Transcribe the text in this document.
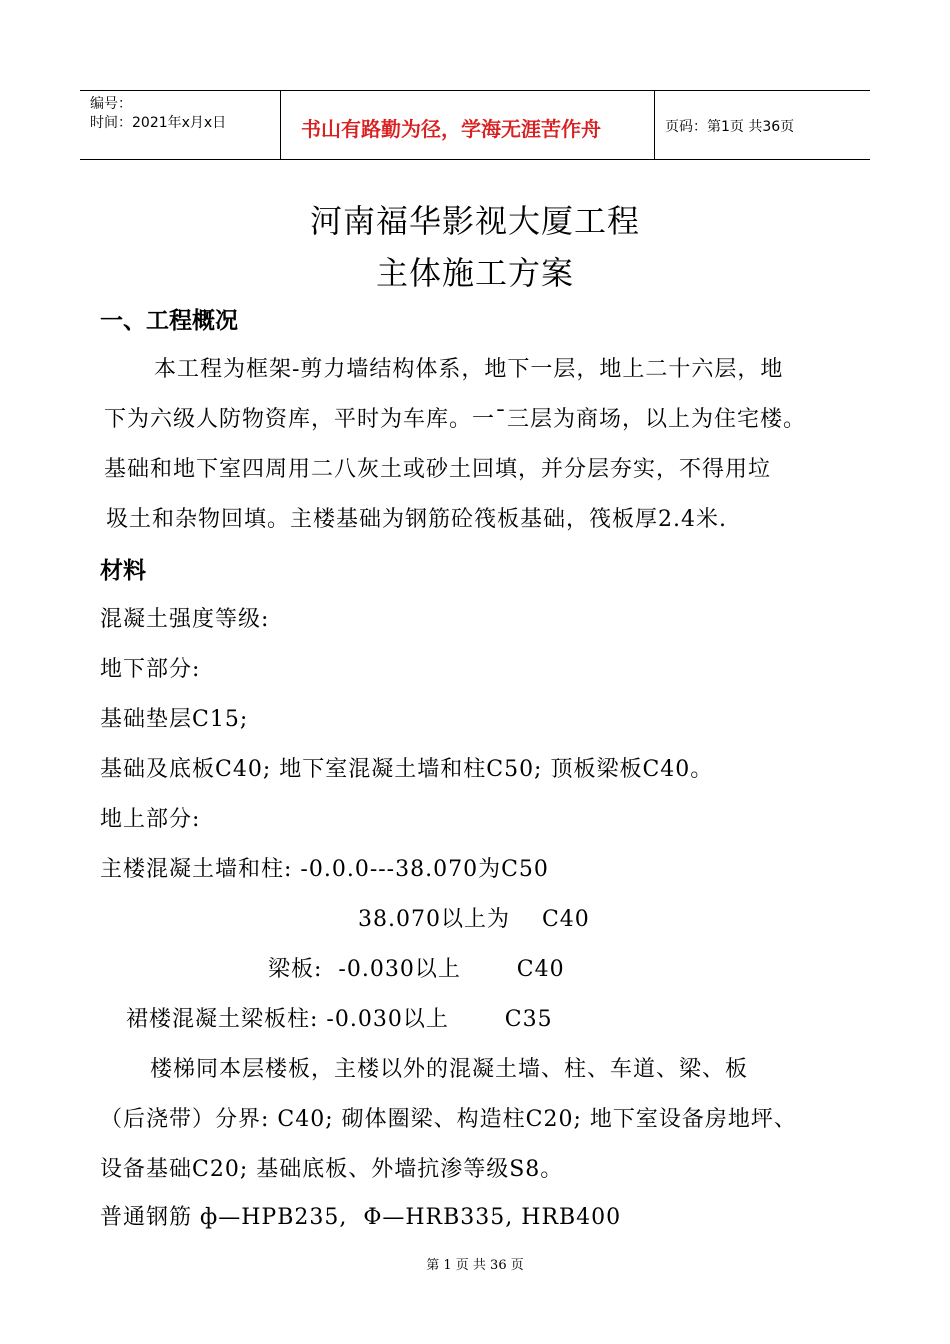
编号：
时间：2021年x月x日	书山有路勤为径，学海无涯苦作舟	页码：第1页 共36页
河南福华影视大厦工程
主体施工方案
一、工程概况
本工程为框架-剪力墙结构体系，地下一层，地上二十六层，地
下为六级人防物资库，平时为车库。一ˉ三层为商场，以上为住宅楼。
基础和地下室四周用二八灰土或砂土回填，并分层夯实，不得用垃
圾土和杂物回填。主楼基础为钢筋砼筏板基础，筏板厚2.4米.
材料
混凝土强度等级:
地下部分:
基础垫层C15;
基础及底板C40; 地下室混凝土墙和柱C50; 顶板梁板C40。
地上部分:
主楼混凝土墙和柱: -0.0.0---38.070为C50
38.070以上为    C40
梁板:  -0.030以上       C40
裙楼混凝土梁板柱: -0.030以上       C35
楼梯同本层楼板，主楼以外的混凝土墙、柱、车道、梁、板
（后浇带）分界: C40; 砌体圈梁、构造柱C20; 地下室设备房地坪、
设备基础C20; 基础底板、外墙抗渗等级S8。
普通钢筋 ф—HPB235,  Φ—HRB335, HRB400
第 1 页 共 36 页
